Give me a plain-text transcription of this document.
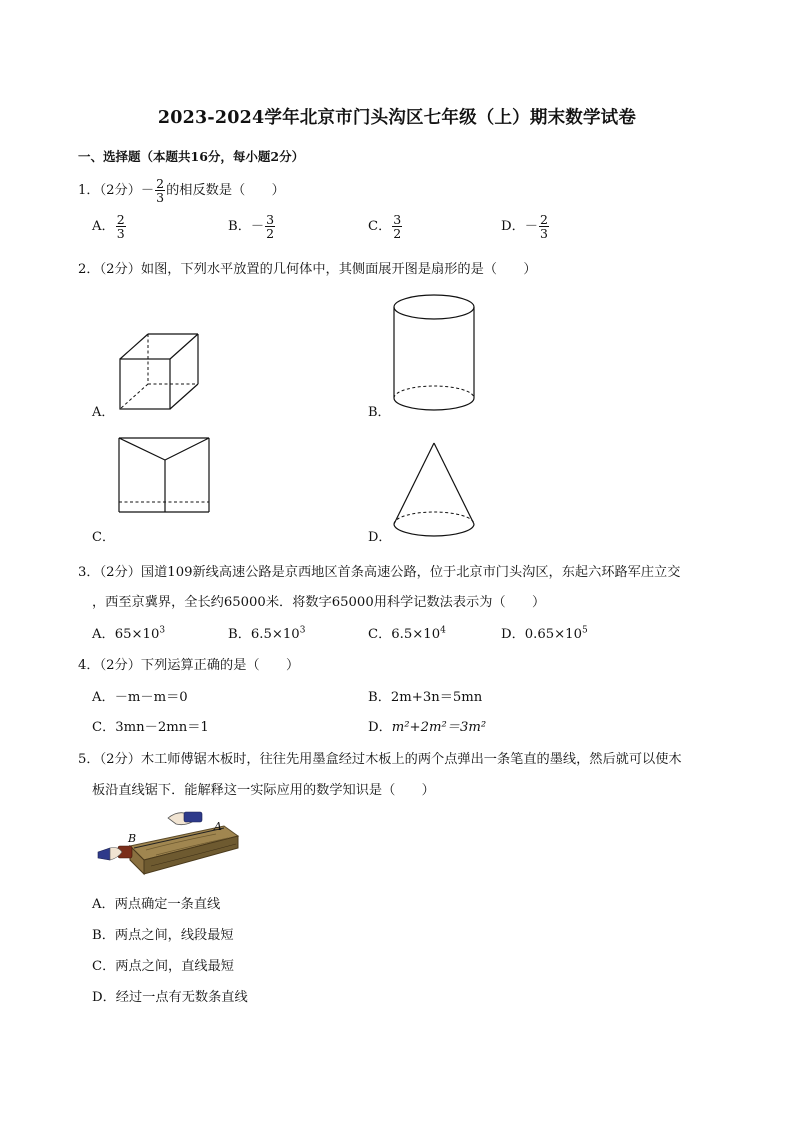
2023-2024学年北京市门头沟区七年级（上）期末数学试卷
一、选择题（本题共16分，每小题2分）
1．（2分）－ $\frac{2}{3}$ 的相反数是（　　）
A． $\frac{2}{3}$	B．－ $\frac{3}{2}$	C． $\frac{3}{2}$	D．－ $\frac{2}{3}$
2．（2分）如图，下列水平放置的几何体中，其侧面展开图是扇形的是（　　）
A．	B．
C．	D．
3．（2分）国道109新线高速公路是京西地区首条高速公路，位于北京市门头沟区，东起六环路军庄立交
，西至京冀界，全长约65000米．将数字65000用科学记数法表示为（　　）
A．$65\times 10^3$	B．$6.5\times 10^3$	C．$6.5\times 10^4$	D．$0.65\times 10^5$
4．（2分）下列运算正确的是（　　）
A．－m－m＝0	B．2m+3n＝5mn
C．3mn－2mn＝1	D．m²+2m²＝3m²
5．（2分）木工师傅锯木板时，往往先用墨盒经过木板上的两个点弹出一条笔直的墨线，然后就可以使木
板沿直线锯下．能解释这一实际应用的数学知识是（　　）
A
B
A．两点确定一条直线
B．两点之间，线段最短
C．两点之间，直线最短
D．经过一点有无数条直线
